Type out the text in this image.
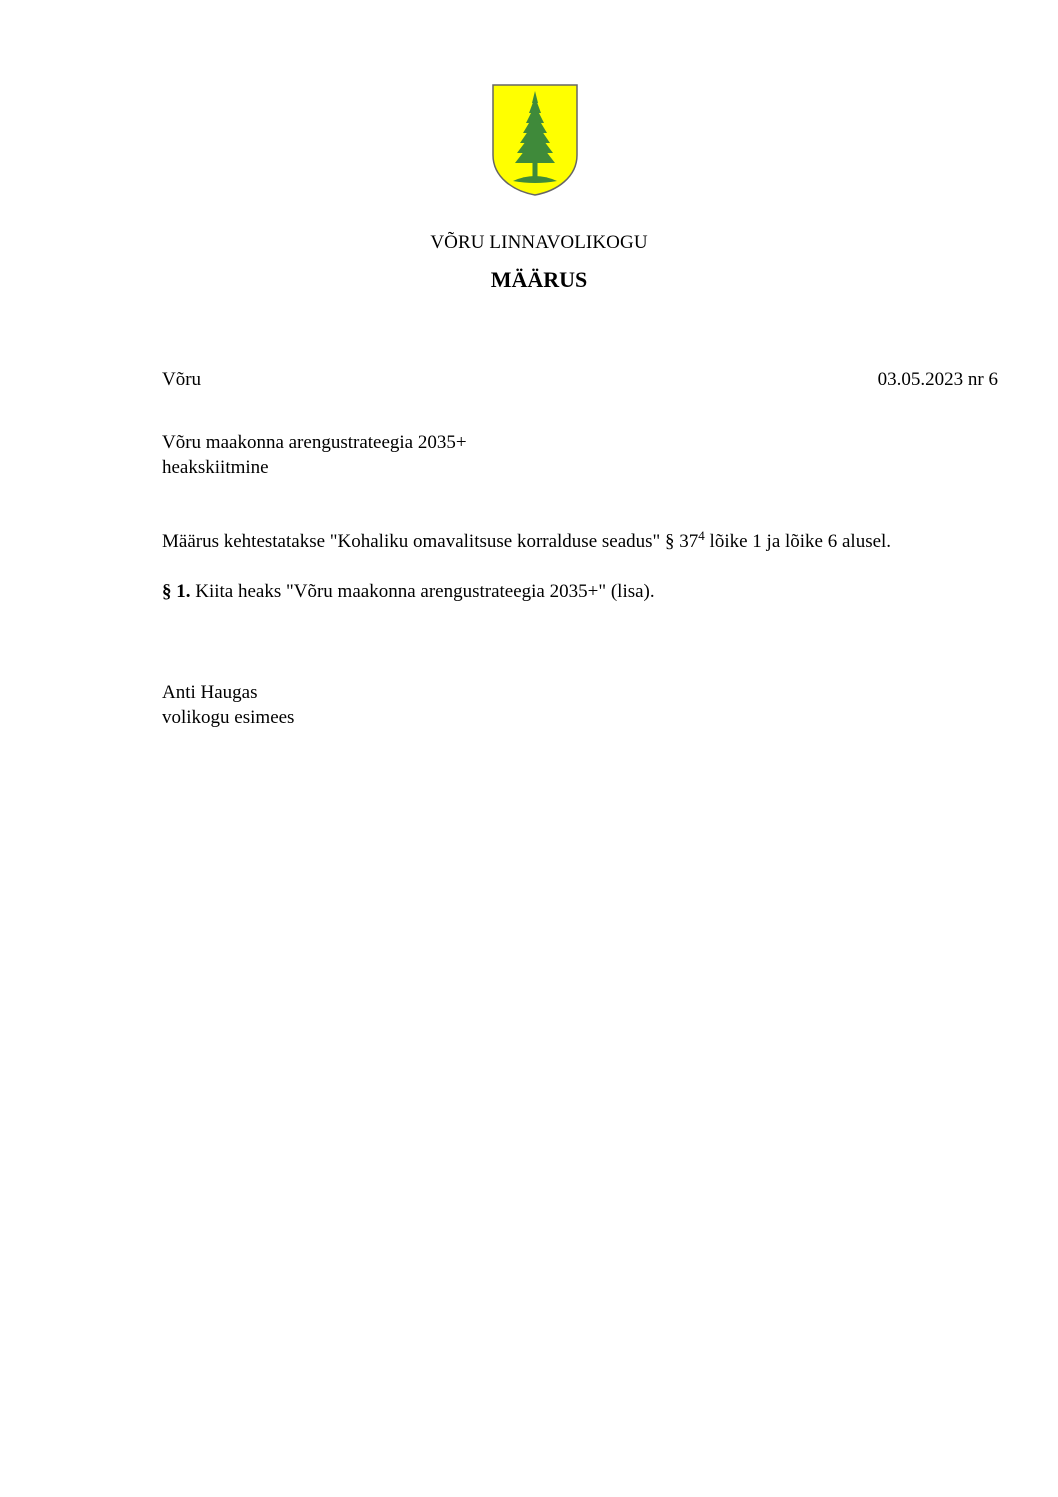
VÕRU LINNAVOLIKOGU
MÄÄRUS
Võru	03.05.2023 nr 6
Võru maakonna arengustrateegia 2035+
heakskiitmine
Määrus kehtestatakse "Kohaliku omavalitsuse korralduse seadus" § $37^4$ lõike 1 ja lõike 6 alusel.
§ 1. Kiita heaks "Võru maakonna arengustrateegia 2035+" (lisa).
Anti Haugas
volikogu esimees
